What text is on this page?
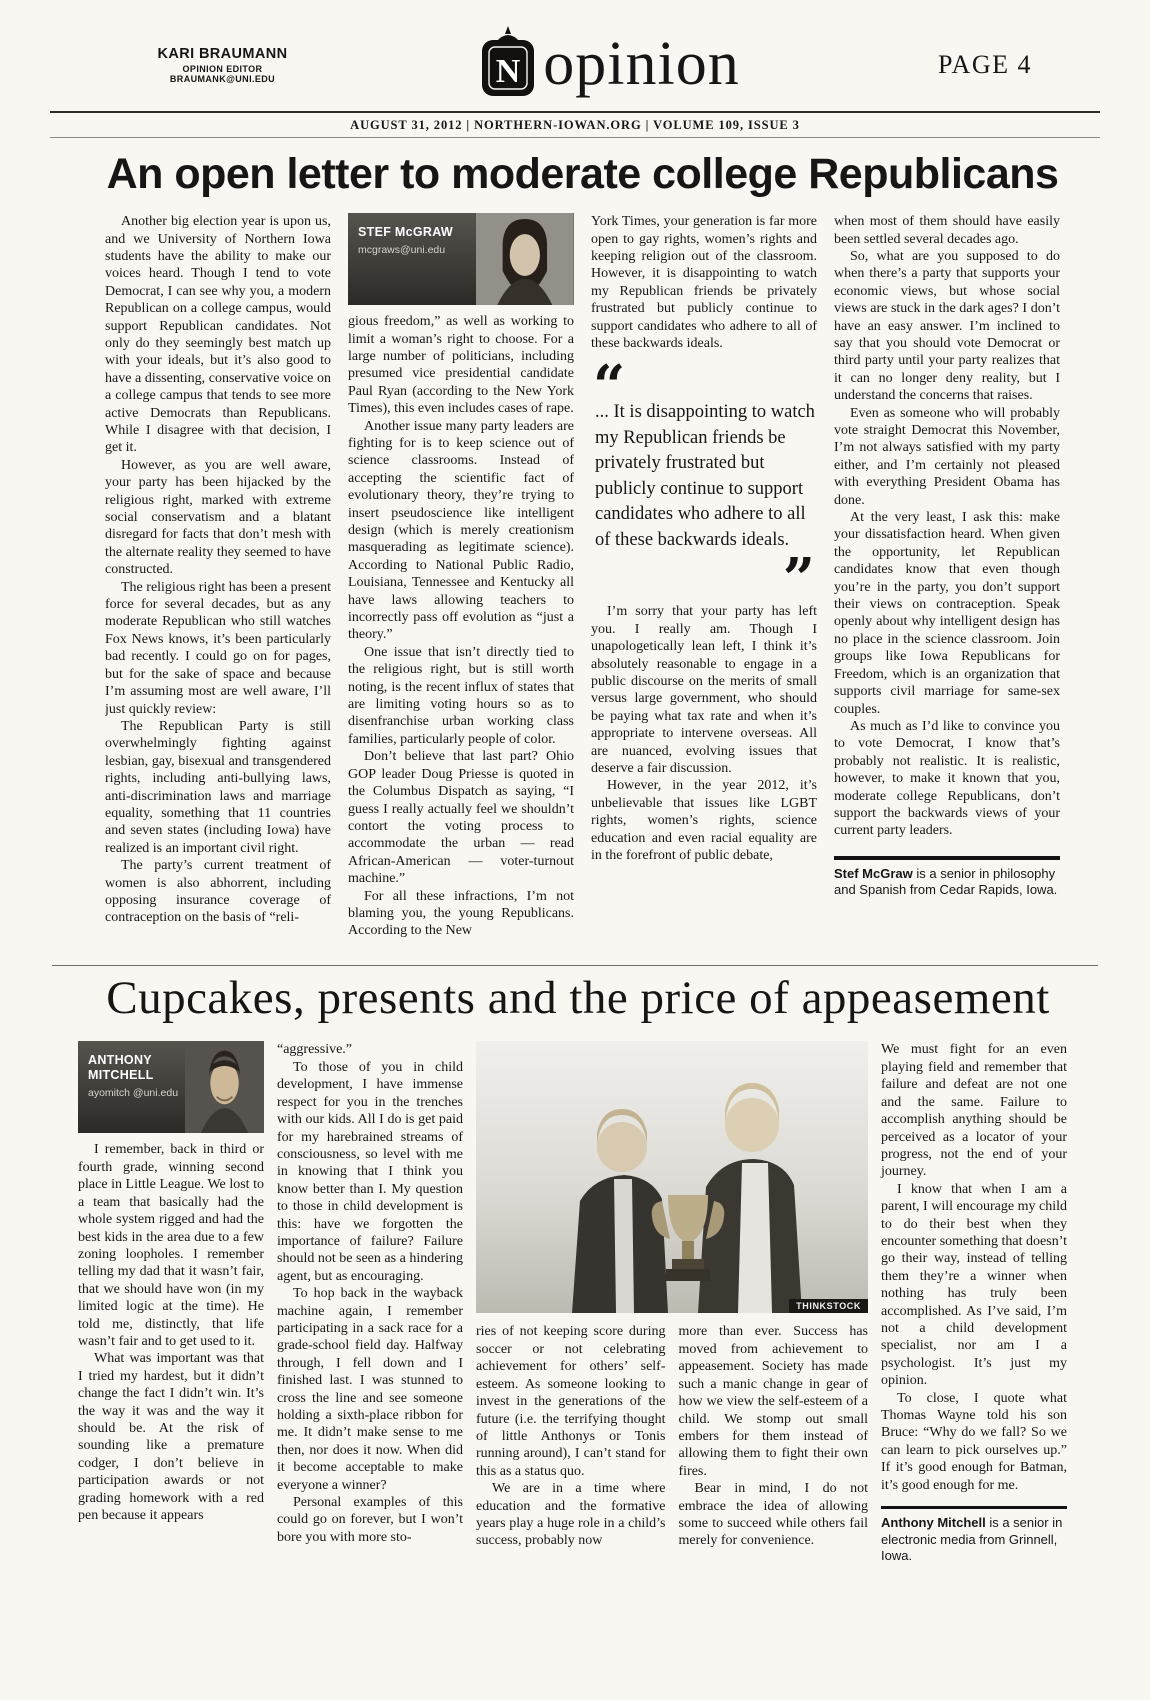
KARI BRAUMANN
OPINION EDITOR
BRAUMANK@UNI.EDU	N opinion	PAGE 4
AUGUST 31, 2012 | NORTHERN-IOWAN.ORG | VOLUME 109, ISSUE 3
An open letter to moderate college Republicans

Another big election year is upon us, and we University of Northern Iowa students have the ability to make our voices heard. Though I tend to vote Democrat, I can see why you, a modern Republican on a college campus, would support Republican candidates. Not only do they seemingly best match up with your ideals, but it’s also good to have a dissenting, conservative voice on a college campus that tends to see more active Democrats than Republicans. While I disagree with that decision, I get it.

However, as you are well aware, your party has been hijacked by the religious right, marked with extreme social conservatism and a blatant disregard for facts that don’t mesh with the alternate reality they seemed to have constructed.

The religious right has been a present force for several decades, but as any moderate Republican who still watches Fox News knows, it’s been particularly bad recently. I could go on for pages, but for the sake of space and because I’m assuming most are well aware, I’ll just quickly review:

The Republican Party is still overwhelmingly fighting against lesbian, gay, bisexual and transgendered rights, including anti-bullying laws, anti-discrimination laws and marriage equality, something that 11 countries and seven states (including Iowa) have realized is an important civil right.

The party’s current treatment of women is also abhorrent, including opposing insurance coverage of contraception on the basis of “reli-

STEF McGRAW
mcgraws@uni.edu

gious freedom,” as well as working to limit a woman’s right to choose. For a large number of politicians, including presumed vice presidential candidate Paul Ryan (according to the New York Times), this even includes cases of rape.

Another issue many party leaders are fighting for is to keep science out of science classrooms. Instead of accepting the scientific fact of evolutionary theory, they’re trying to insert pseudoscience like intelligent design (which is merely creationism masquerading as legitimate science). According to National Public Radio, Louisiana, Tennessee and Kentucky all have laws allowing teachers to incorrectly pass off evolution as “just a theory.”

One issue that isn’t directly tied to the religious right, but is still worth noting, is the recent influx of states that are limiting voting hours so as to disenfranchise urban working class families, particularly people of color.

Don’t believe that last part? Ohio GOP leader Doug Priesse is quoted in the Columbus Dispatch as saying, “I guess I really actually feel we shouldn’t contort the voting process to accommodate the urban — read African-American — voter-turnout machine.”

For all these infractions, I’m not blaming you, the young Republicans. According to the New

York Times, your generation is far more open to gay rights, women’s rights and keeping religion out of the classroom. However, it is disappointing to watch my Republican friends be privately frustrated but publicly continue to support candidates who adhere to all of these backwards ideals.

“
... It is disappointing to watch my Republican friends be privately frustrated but publicly continue to support candidates who adhere to all of these backwards ideals.
”

I’m sorry that your party has left you. I really am. Though I unapologetically lean left, I think it’s absolutely reasonable to engage in a public discourse on the merits of small versus large government, who should be paying what tax rate and when it’s appropriate to intervene overseas. All are nuanced, evolving issues that deserve a fair discussion.

However, in the year 2012, it’s unbelievable that issues like LGBT rights, women’s rights, science education and even racial equality are in the forefront of public debate,

when most of them should have easily been settled several decades ago.

So, what are you supposed to do when there’s a party that supports your economic views, but whose social views are stuck in the dark ages? I don’t have an easy answer. I’m inclined to say that you should vote Democrat or third party until your party realizes that it can no longer deny reality, but I understand the concerns that raises.

Even as someone who will probably vote straight Democrat this November, I’m not always satisfied with my party either, and I’m certainly not pleased with everything President Obama has done.

At the very least, I ask this: make your dissatisfaction heard. When given the opportunity, let Republican candidates know that even though you’re in the party, you don’t support their views on contraception. Speak openly about why intelligent design has no place in the science classroom. Join groups like Iowa Republicans for Freedom, which is an organization that supports civil marriage for same-sex couples.

As much as I’d like to convince you to vote Democrat, I know that’s probably not realistic. It is realistic, however, to make it known that you, moderate college Republicans, don’t support the backwards views of your current party leaders.

Stef McGraw is a senior in philosophy and Spanish from Cedar Rapids, Iowa.
Cupcakes, presents and the price of appeasement
ANTHONY MITCHELL
ayomitch @uni.edu

I remember, back in third or fourth grade, winning second place in Little League. We lost to a team that basically had the whole system rigged and had the best kids in the area due to a few zoning loopholes. I remember telling my dad that it wasn’t fair, that we should have won (in my limited logic at the time). He told me, distinctly, that life wasn’t fair and to get used to it.

What was important was that I tried my hardest, but it didn’t change the fact I didn’t win. It’s the way it was and the way it should be. At the risk of sounding like a premature codger, I don’t believe in participation awards or not grading homework with a red pen because it appears

“aggressive.”

To those of you in child development, I have immense respect for you in the trenches with our kids. All I do is get paid for my harebrained streams of consciousness, so level with me in knowing that I think you know better than I. My question to those in child development is this: have we forgotten the importance of failure? Failure should not be seen as a hindering agent, but as encouraging.

To hop back in the wayback machine again, I remember participating in a sack race for a grade-school field day. Halfway through, I fell down and I finished last. I was stunned to cross the line and see someone holding a sixth-place ribbon for me. It didn’t make sense to me then, nor does it now. When did it become acceptable to make everyone a winner?

Personal examples of this could go on forever, but I won’t bore you with more sto-

THINKSTOCK

ries of not keeping score during soccer or not celebrating achievement for others’ self-esteem. As someone looking to invest in the generations of the future (i.e. the terrifying thought of little Anthonys or Tonis running around), I can’t stand for this as a status quo.

We are in a time where education and the formative years play a huge role in a child’s success, probably now

more than ever. Success has moved from achievement to appeasement. Society has made such a manic change in gear of how we view the self-esteem of a child. We stomp out small embers for them instead of allowing them to fight their own fires.

Bear in mind, I do not embrace the idea of allowing some to succeed while others fail merely for convenience.

We must fight for an even playing field and remember that failure and defeat are not one and the same. Failure to accomplish anything should be perceived as a locator of your progress, not the end of your journey.

I know that when I am a parent, I will encourage my child to do their best when they encounter something that doesn’t go their way, instead of telling them they’re a winner when nothing has truly been accomplished. As I’ve said, I’m not a child development specialist, nor am I a psychologist. It’s just my opinion.

To close, I quote what Thomas Wayne told his son Bruce: “Why do we fall? So we can learn to pick ourselves up.” If it’s good enough for Batman, it’s good enough for me.

Anthony Mitchell is a senior in electronic media from Grinnell, Iowa.
